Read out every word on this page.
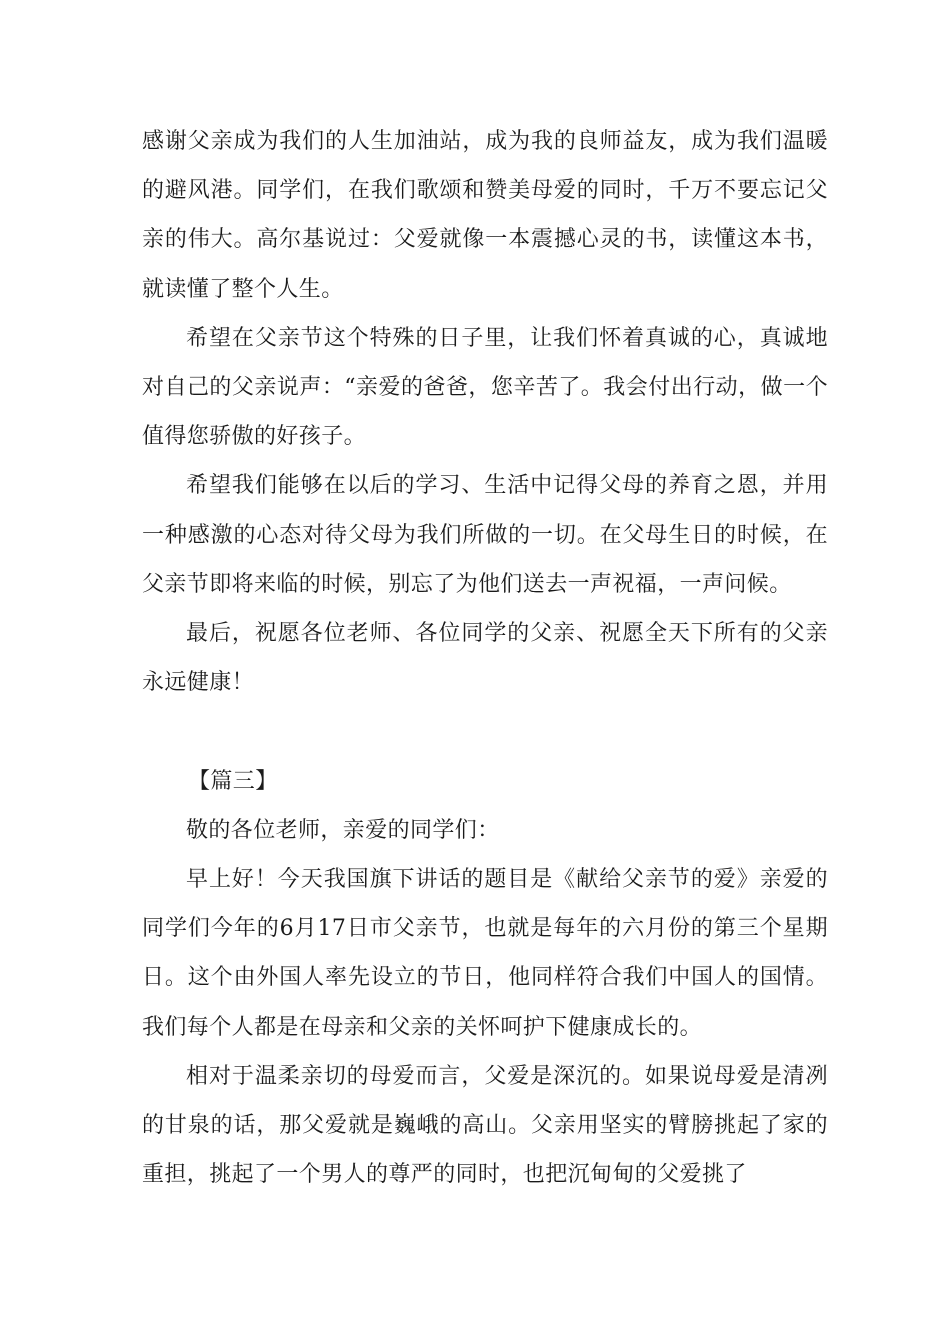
感谢父亲成为我们的人生加油站，成为我的良师益友，成为我们温暖的避风港。同学们，在我们歌颂和赞美母爱的同时，千万不要忘记父亲的伟大。高尔基说过：父爱就像一本震撼心灵的书，读懂这本书，就读懂了整个人生。

希望在父亲节这个特殊的日子里，让我们怀着真诚的心，真诚地对自己的父亲说声：“亲爱的爸爸，您辛苦了。我会付出行动，做一个值得您骄傲的好孩子。

希望我们能够在以后的学习、生活中记得父母的养育之恩，并用一种感激的心态对待父母为我们所做的一切。在父母生日的时候，在父亲节即将来临的时候，别忘了为他们送去一声祝福，一声问候。

最后，祝愿各位老师、各位同学的父亲、祝愿全天下所有的父亲永远健康！

【篇三】

敬的各位老师，亲爱的同学们：

早上好！今天我国旗下讲话的题目是《献给父亲节的爱》亲爱的同学们今年的6月17日市父亲节，也就是每年的六月份的第三个星期日。这个由外国人率先设立的节日，他同样符合我们中国人的国情。我们每个人都是在母亲和父亲的关怀呵护下健康成长的。

相对于温柔亲切的母爱而言，父爱是深沉的。如果说母爱是清冽的甘泉的话，那父爱就是巍峨的高山。父亲用坚实的臂膀挑起了家的重担，挑起了一个男人的尊严的同时，也把沉甸甸的父爱挑了
